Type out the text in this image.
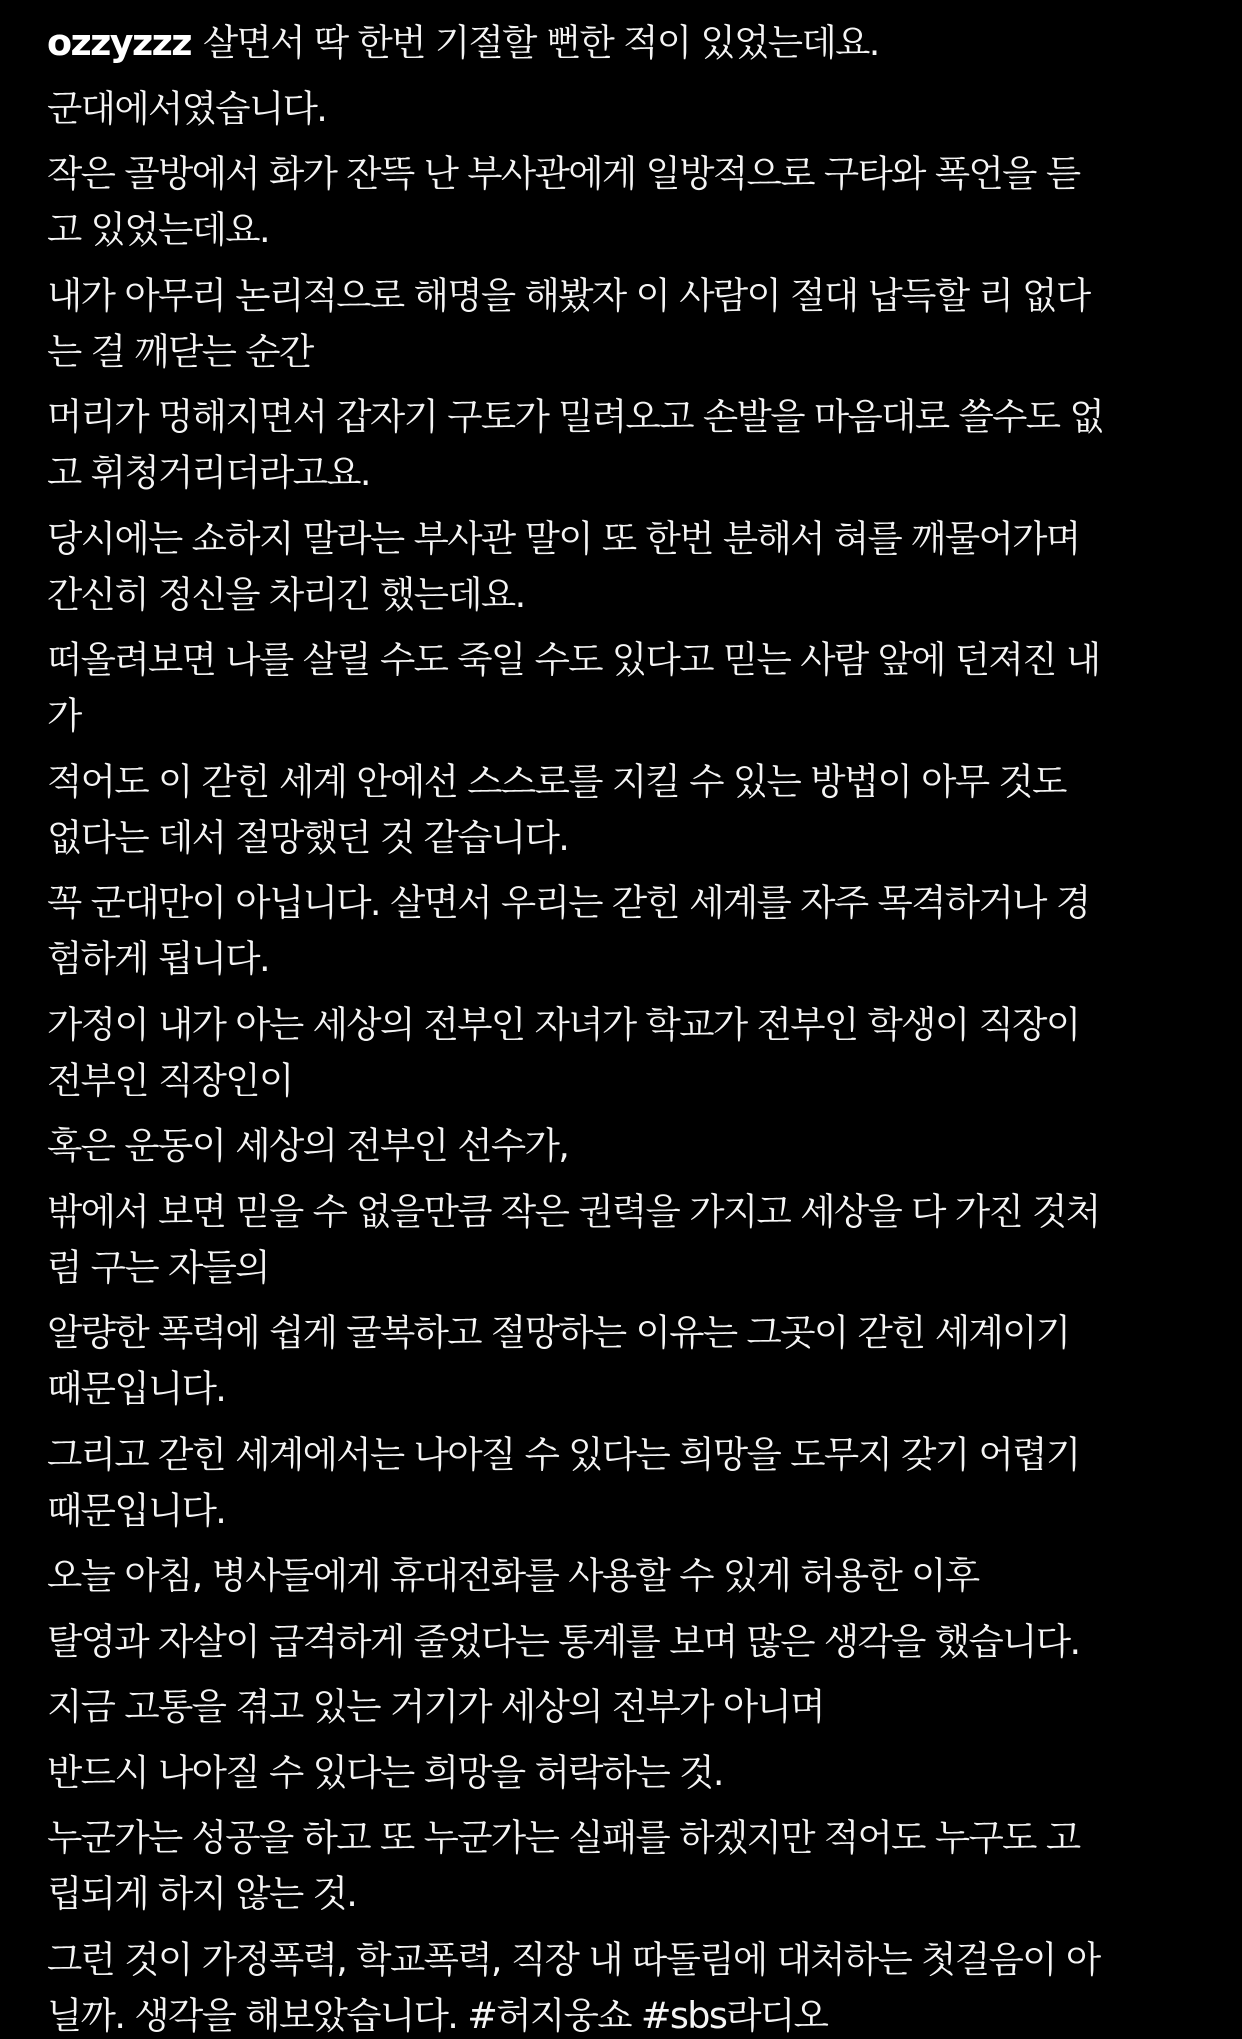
ozzyzzz 살면서 딱 한번 기절할 뻔한 적이 있었는데요.
군대에서였습니다.
작은 골방에서 화가 잔뜩 난 부사관에게 일방적으로 구타와 폭언을 듣
고 있었는데요.
내가 아무리 논리적으로 해명을 해봤자 이 사람이 절대 납득할 리 없다
는 걸 깨닫는 순간
머리가 멍해지면서 갑자기 구토가 밀려오고 손발을 마음대로 쓸수도 없
고 휘청거리더라고요.
당시에는 쇼하지 말라는 부사관 말이 또 한번 분해서 혀를 깨물어가며
간신히 정신을 차리긴 했는데요.
떠올려보면 나를 살릴 수도 죽일 수도 있다고 믿는 사람 앞에 던져진 내
가
적어도 이 갇힌 세계 안에선 스스로를 지킬 수 있는 방법이 아무 것도
없다는 데서 절망했던 것 같습니다.
꼭 군대만이 아닙니다. 살면서 우리는 갇힌 세계를 자주 목격하거나 경
험하게 됩니다.
가정이 내가 아는 세상의 전부인 자녀가 학교가 전부인 학생이 직장이
전부인 직장인이
혹은 운동이 세상의 전부인 선수가,
밖에서 보면 믿을 수 없을만큼 작은 권력을 가지고 세상을 다 가진 것처
럼 구는 자들의
알량한 폭력에 쉽게 굴복하고 절망하는 이유는 그곳이 갇힌 세계이기
때문입니다.
그리고 갇힌 세계에서는 나아질 수 있다는 희망을 도무지 갖기 어렵기
때문입니다.
오늘 아침, 병사들에게 휴대전화를 사용할 수 있게 허용한 이후
탈영과 자살이 급격하게 줄었다는 통계를 보며 많은 생각을 했습니다.
지금 고통을 겪고 있는 거기가 세상의 전부가 아니며
반드시 나아질 수 있다는 희망을 허락하는 것.
누군가는 성공을 하고 또 누군가는 실패를 하겠지만 적어도 누구도 고
립되게 하지 않는 것.
그런 것이 가정폭력, 학교폭력, 직장 내 따돌림에 대처하는 첫걸음이 아
닐까. 생각을 해보았습니다. #허지웅쇼 #sbs라디오
